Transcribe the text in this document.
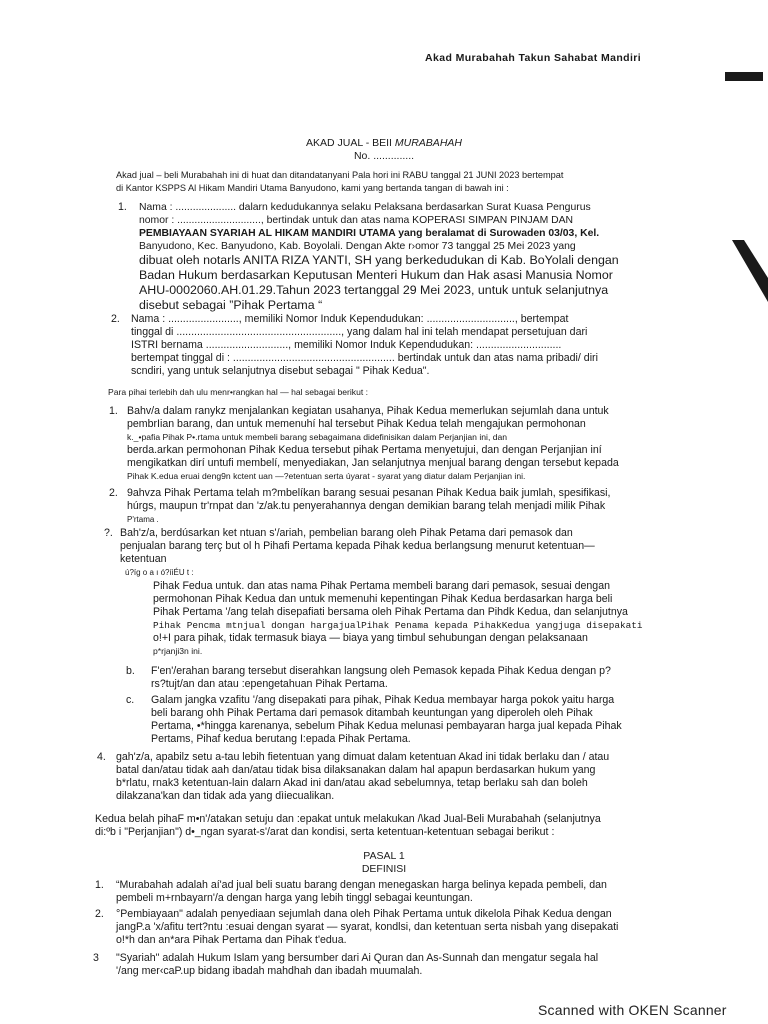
Akad Murabahah Takun Sahabat Mandiri
AKAD JUAL - BEII MURABAHAH
No. ..............
Akad jual – beli Murabahah ini di huat dan ditandatanyani Pala hori ini RABU tanggal 21 JUNI 2023 bertempat
di Kantor KSPPS Al Hikam Mandiri Utama Banyudono, kami yang bertanda tangan di bawah ini :
1. Nama : ..................... dalarn kedudukannya selaku Pelaksana berdasarkan Surat Kuasa Pengurus
nomor : ............................., bertindak untuk dan atas nama KOPERASI SIMPAN PINJAM DAN
PEMBIAYAAN SYARIAH AL HIKAM MANDIRI UTAMA yang beralamat di Surowaden 03/03, Kel.
Banyudono, Kec. Banyudono, Kab. Boyolali. Dengan Akte r›omor 73 tanggal 25 Mei 2023 yang
dibuat oleh notarls ANITA RIZA YANTI, SH yang berkedudukan di Kab. BoYolali dengan
Badan Hukum berdasarkan Keputusan Menteri Hukum dan Hak asasi Manusia Nomor
AHU-0002060.AH.01.29.Tahun 2023 tertanggal 29 Mei 2023, untuk untuk selanjutnya
disebut sebagai ”Pihak Pertama “
2. Nama : ........................, memiliki Nomor Induk Kependudukan: .............................., bertempat
tinggal di ........................................................, yang dalam hal ini telah mendapat persetujuan dari
ISTRI bernama ............................, memiliki Nomor Induk Kependudukan: .............................
bertempat tinggal di : ....................................................... bertindak untuk dan atas nama pribadi/ diri
scndiri, yang untuk selanjutnya disebut sebagai " Pihak Kedua".
Para pihai terlebih dah ulu menr•rangkan hal — hal sebagai berikut :
1. Bahv/a dalam ranykz menjalankan kegiatan usahanya, Pihak Kedua memerlukan sejumlah dana untuk
pembrIian barang, dan untuk memenuhí hal tersebut Pihak Kedua telah mengajukan permohonan
k._•pafia Pihak P•.rtama untuk membeli barang sebagaimana didefinisikan dalam Perjanjian ini, dan
berda.arkan permohonan Pihak Kedua tersebut pihak Pertama menyetujui, dan dengan Perjanjian iní
mengikatkan dirí untufi membelí, menyediakan, Jan selanjutnya menjual barang dengan tersebut kepada
Pihak K.edua eruai deng9n kctent uan —?etentuan serta úyarat - syarat yang diatur dalam Perjanjian ini.
2. 9ahvza Pihak Pertama telah m?mbelíkan barang sesuai pesanan Pihak Kedua baik jumlah, spesifikasi,
húrgs, maupun tr'rnpat dan 'z/ak.tu penyerahannya dengan demikian barang telah menjadi milik Pihak
P'rtama .
?. Bah'z/a, berdúsarkan ket ntuan s'/ariah, pembelian barang oleh Pihak Petama dari pemasok dan
penjualan barang terç but ol h Pihafi Pertama kepada Pihak kedua berlangsung menurut ketentuan—
ketentuan
ú?íg o a ı ó?íiÉU t :
Pihak Fedua untuk. dan atas nama Pihak Pertama membeli barang dari pemasok, sesuai dengan
permohonan Pihak Kedua dan untuk memenuhi kepentingan Pihak Kedua berdasarkan harga beli
Pihak Pertama '/ang telah disepafiati bersama oleh Pihak Pertama dan Pihdk Kedua, dan selanjutnya
Pihak Pencma mtnjual dongan hargajualPihak Penama kepada PihakKedua yangjuga disepakati
o!+I para pihak, tidak termasuk biaya — biaya yang timbul sehubungan dengan pelaksanaan
p*rjanji3n ini.
b. F'en'/erahan barang tersebut diserahkan langsung oleh Pemasok kepada Pihak Kedua dengan p?
rs?tujt/an dan atau :epengetahuan Pihak Pertama.
c. Galam jangka vzafitu '/ang disepakati para pihak, Pihak Kedua membayar harga pokok yaitu harga
beli barang ohh Pihak Pertama dari pemasok ditambah keuntungan yang diperoleh oleh Pihak
Pertama, •*hingga karenanya, sebelum Pihak Kedua melunasi pembayaran harga jual kepada Pihak
Pertams, Pihaf kedua berutang I:epada Pihak Pertama.
4. gah'z/a, apabilz setu a-tau lebih fietentuan yang dimuat dalam ketentuan Akad ini tidak berlaku dan / atau
batal dan/atau tidak aah dan/atau tidak bisa dilaksanakan dalam hal apapun berdasarkan hukum yang
b*rlatu, rnak3 ketentuan-lain dalarn Akad ini dan/atau akad sebelumnya, tetap berlaku sah dan boleh
dilakzana'kan dan tidak ada yang dìiecualikan.
Kedua belah pihaF m•n'/atakan setuju dan :epakat untuk melakukan /\kad Jual-Beli Murabahah (selanjutnya
di:ºb i "Perjanjian") d•_ngan syarat-s'/arat dan kondisi, serta ketentuan-ketentuan sebagai berikut :
PASAL 1
DEFINISI
1. “Murabahah adalah aí'ad jual beli suatu barang dengan menegaskan harga belinya kepada pembeli, dan
pembeli m+rnbayarn'/a dengan harga yang lebih tinggl sebagai keuntungan.
2. °Pembiayaan" adalah penyediaan sejumlah dana oleh Pihak Pertama untuk dikelola Pihak Kedua dengan
jangP.a 'x/afitu tert?ntu :esuai dengan syarat — syarat, kondlsi, dan ketentuan serta nisbah yang disepakati
o!*h dan an*ara Pihak Pertama dan Pihak t'edua.
3 "Syariah" adalah Hukum Islam yang bersumber dari Ai Quran dan As-Sunnah dan mengatur segala hal
'/ang mer‹caP.up bidang ibadah mahdhah dan ibadah muumalah.
Scanned with OKEN Scanner
